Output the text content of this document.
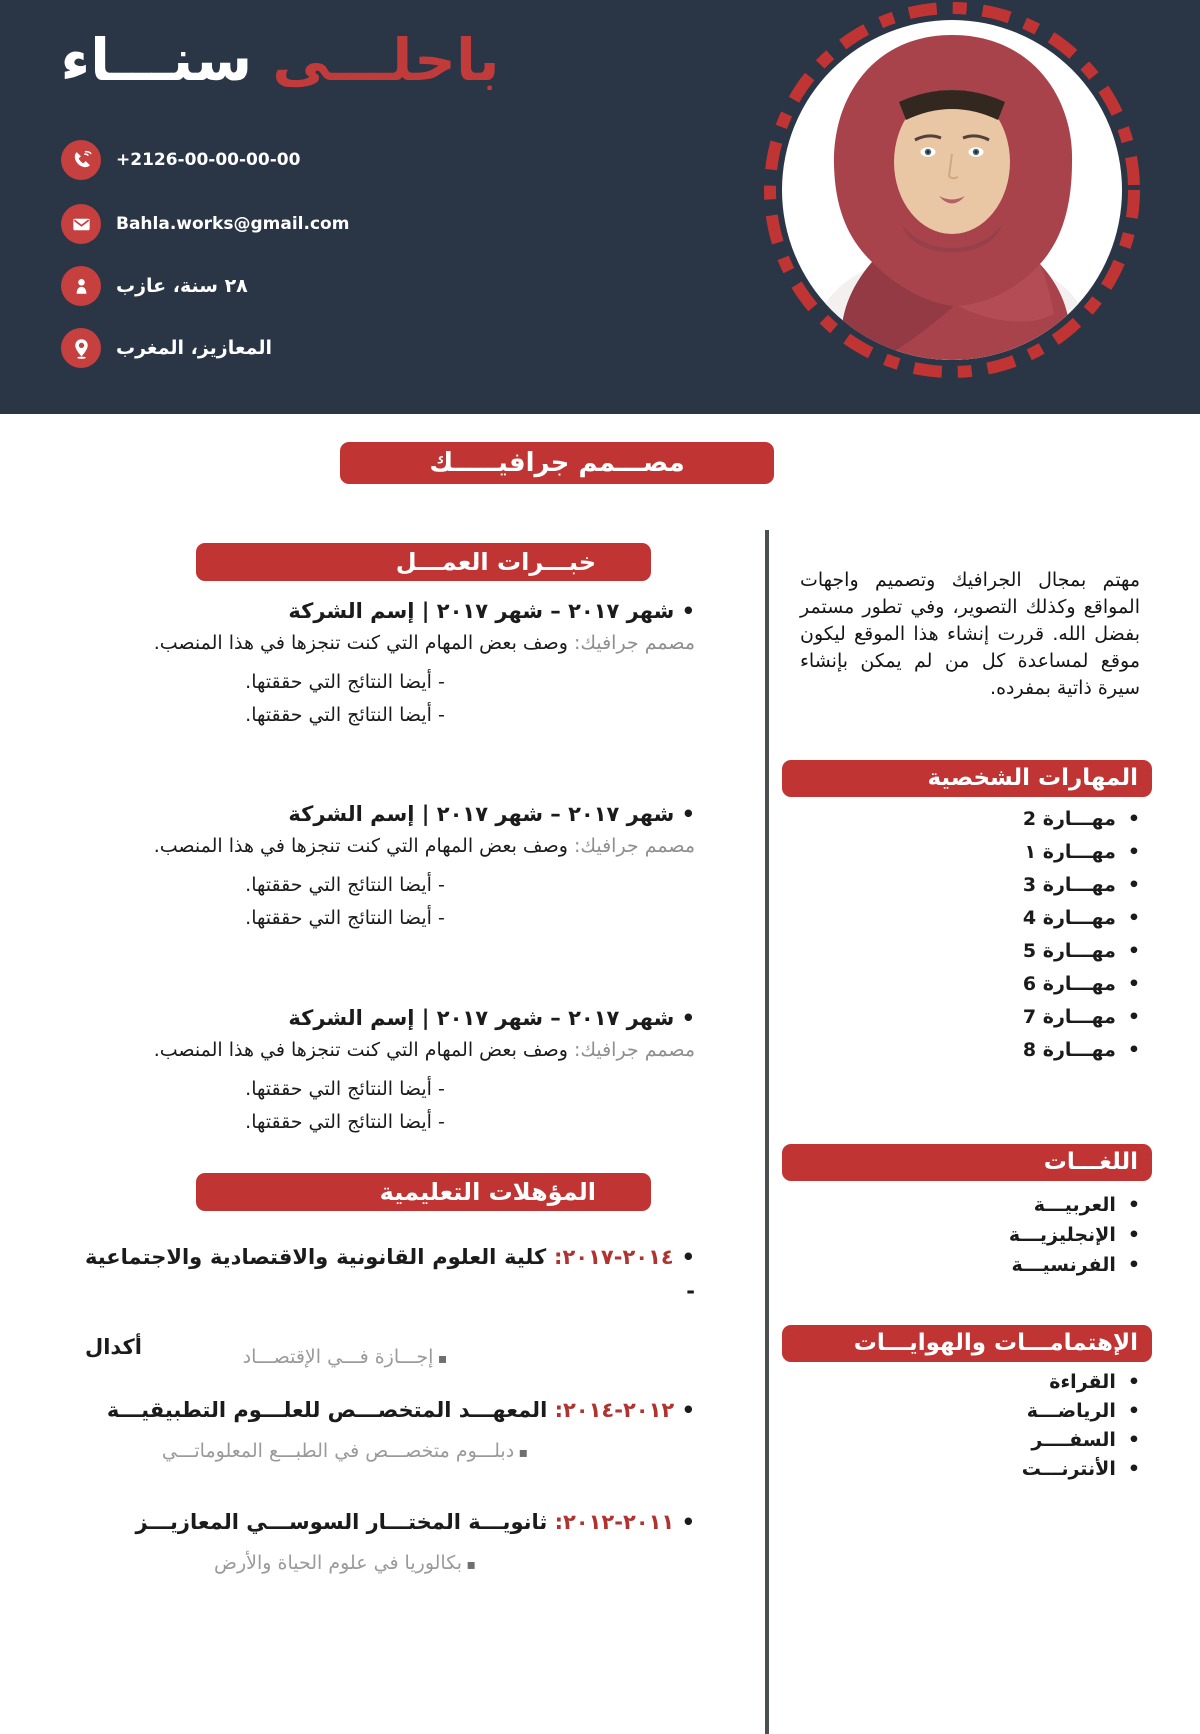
باحلـــى سنـــاء
+2126-00-00-00-00
Bahla.works@gmail.com
٢٨ سنة، عازب
المعازيز، المغرب
مصـــمم جرافيـــــك
خبـــرات العمـــل
• شهر ٢٠١٧ – شهر ٢٠١٧ | إسم الشركة
مصمم جرافيك: وصف بعض المهام التي كنت تنجزها في هذا المنصب.
- أيضا النتائج التي حققتها.
- أيضا النتائج التي حققتها.
• شهر ٢٠١٧ – شهر ٢٠١٧ | إسم الشركة
مصمم جرافيك: وصف بعض المهام التي كنت تنجزها في هذا المنصب.
- أيضا النتائج التي حققتها.
- أيضا النتائج التي حققتها.
• شهر ٢٠١٧ – شهر ٢٠١٧ | إسم الشركة
مصمم جرافيك: وصف بعض المهام التي كنت تنجزها في هذا المنصب.
- أيضا النتائج التي حققتها.
- أيضا النتائج التي حققتها.
المؤهلات التعليمية
• ٢٠١٤-٢٠١٧: كلية العلوم القانونية والاقتصادية والاجتماعية -
أكدال	▪ إجـــازة فـــي الإقتصـــاد
• ٢٠١٢-٢٠١٤: المعهـــد المتخصـــص للعلـــوم التطبيقيـــة
▪ دبلـــوم متخصـــص في الطبـــع المعلوماتـــي
• ٢٠١١-٢٠١٢: ثانويـــة المختـــار السوســـي المعازيـــز
▪ بكالوريا في علوم الحياة والأرض

مهتم بمجال الجرافيك وتصميم واجهات المواقع وكذلك التصوير، وفي تطور مستمر بفضل الله. قررت إنشاء هذا الموقع ليكون موقع لمساعدة كل من لم يمكن بإنشاء سيرة ذاتية بمفرده.

المهارات الشخصية
• مهـــارة 2
• مهـــارة ١
• مهـــارة 3
• مهـــارة 4
• مهـــارة 5
• مهـــارة 6
• مهـــارة 7
• مهـــارة 8
اللغـــات
• العربيـــة
• الإنجليزيـــة
• الفرنسيـــة
الإهتمامـــات والهوايـــات
• القراءة
• الرياضـــة
• السفــــر
• الأنترنـــت
